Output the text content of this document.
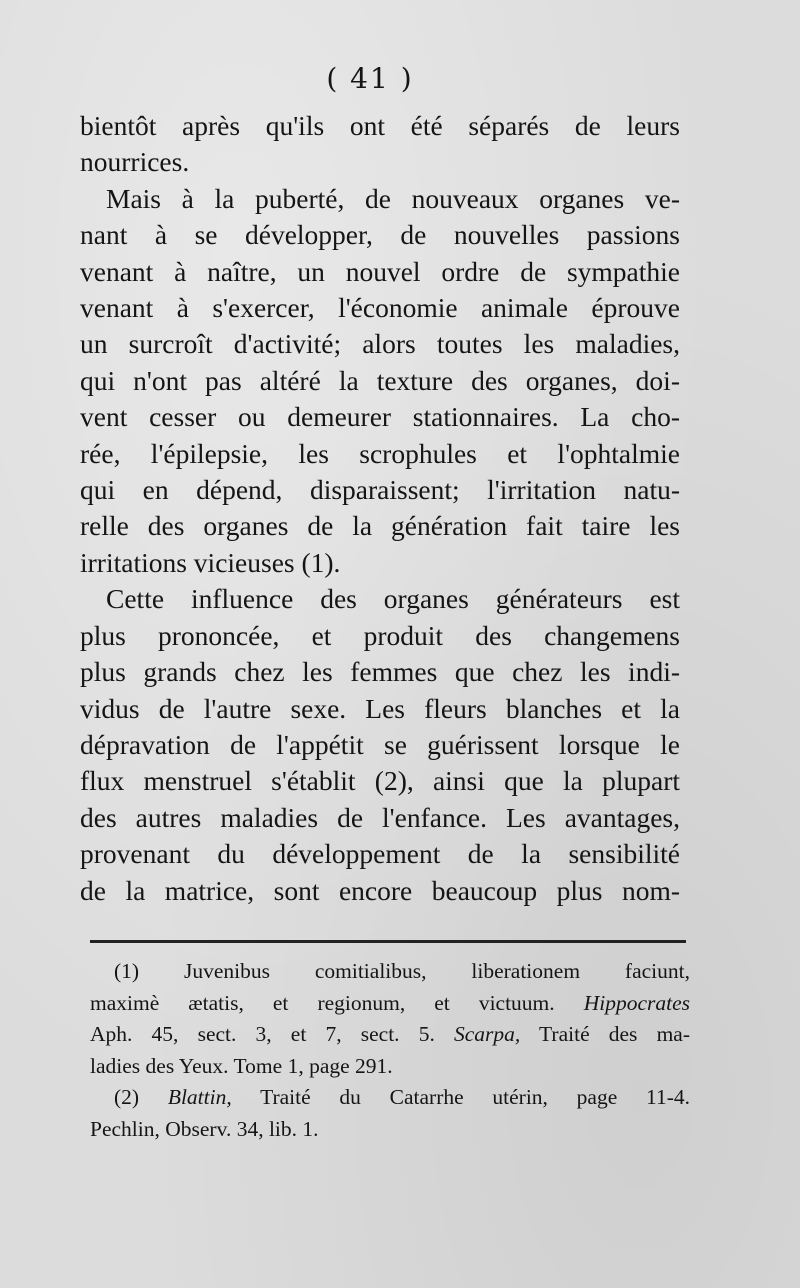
( 41 )

bientôt après qu'ils ont été séparés de leurs
nourrices.

Mais à la puberté, de nouveaux organes ve-
nant à se développer, de nouvelles passions
venant à naître, un nouvel ordre de sympathie
venant à s'exercer, l'économie animale éprouve
un surcroît d'activité; alors toutes les maladies,
qui n'ont pas altéré la texture des organes, doi-
vent cesser ou demeurer stationnaires. La cho-
rée, l'épilepsie, les scrophules et l'ophtalmie
qui en dépend, disparaissent; l'irritation natu-
relle des organes de la génération fait taire les
irritations vicieuses (1).

Cette influence des organes générateurs est
plus prononcée, et produit des changemens
plus grands chez les femmes que chez les indi-
vidus de l'autre sexe. Les fleurs blanches et la
dépravation de l'appétit se guérissent lorsque le
flux menstruel s'établit (2), ainsi que la plupart
des autres maladies de l'enfance. Les avantages,
provenant du développement de la sensibilité
de la matrice, sont encore beaucoup plus nom-

(1) Juvenibus comitialibus, liberationem faciunt,
maximè ætatis, et regionum, et victuum. Hippocrates
Aph. 45, sect. 3, et 7, sect. 5. Scarpa, Traité des ma-
ladies des Yeux. Tome 1, page 291.
(2) Blattin, Traité du Catarrhe utérin, page 11-4.
Pechlin, Observ. 34, lib. 1.
